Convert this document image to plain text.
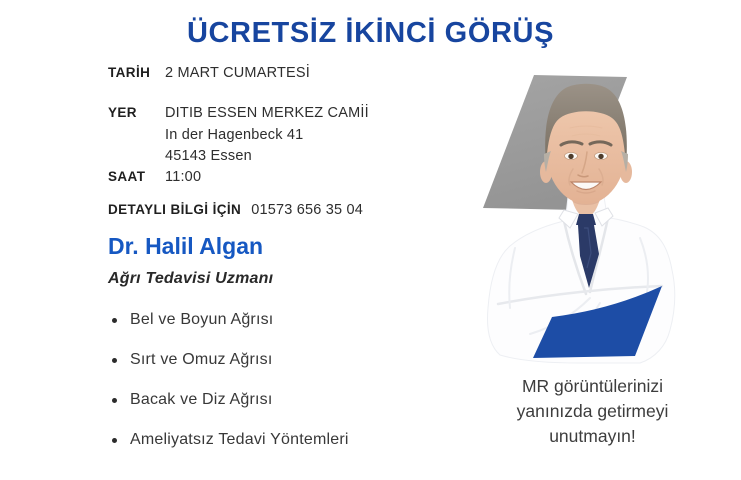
ÜCRETSİZ İKİNCİ GÖRÜŞ
TARİH	2 MART CUMARTESİ
YER	DITIB ESSEN MERKEZ CAMİİ
In der Hagenbeck 41
45143 Essen
SAAT	11:00
DETAYLI BİLGİ İÇİN 01573 656 35 04
Dr. Halil Algan
Ağrı Tedavisi Uzmanı
Bel ve Boyun Ağrısı
Sırt ve Omuz Ağrısı
Bacak ve Diz Ağrısı
Ameliyatsız Tedavi Yöntemleri
MR görüntülerinizi
yanınızda getirmeyi
unutmayın!
